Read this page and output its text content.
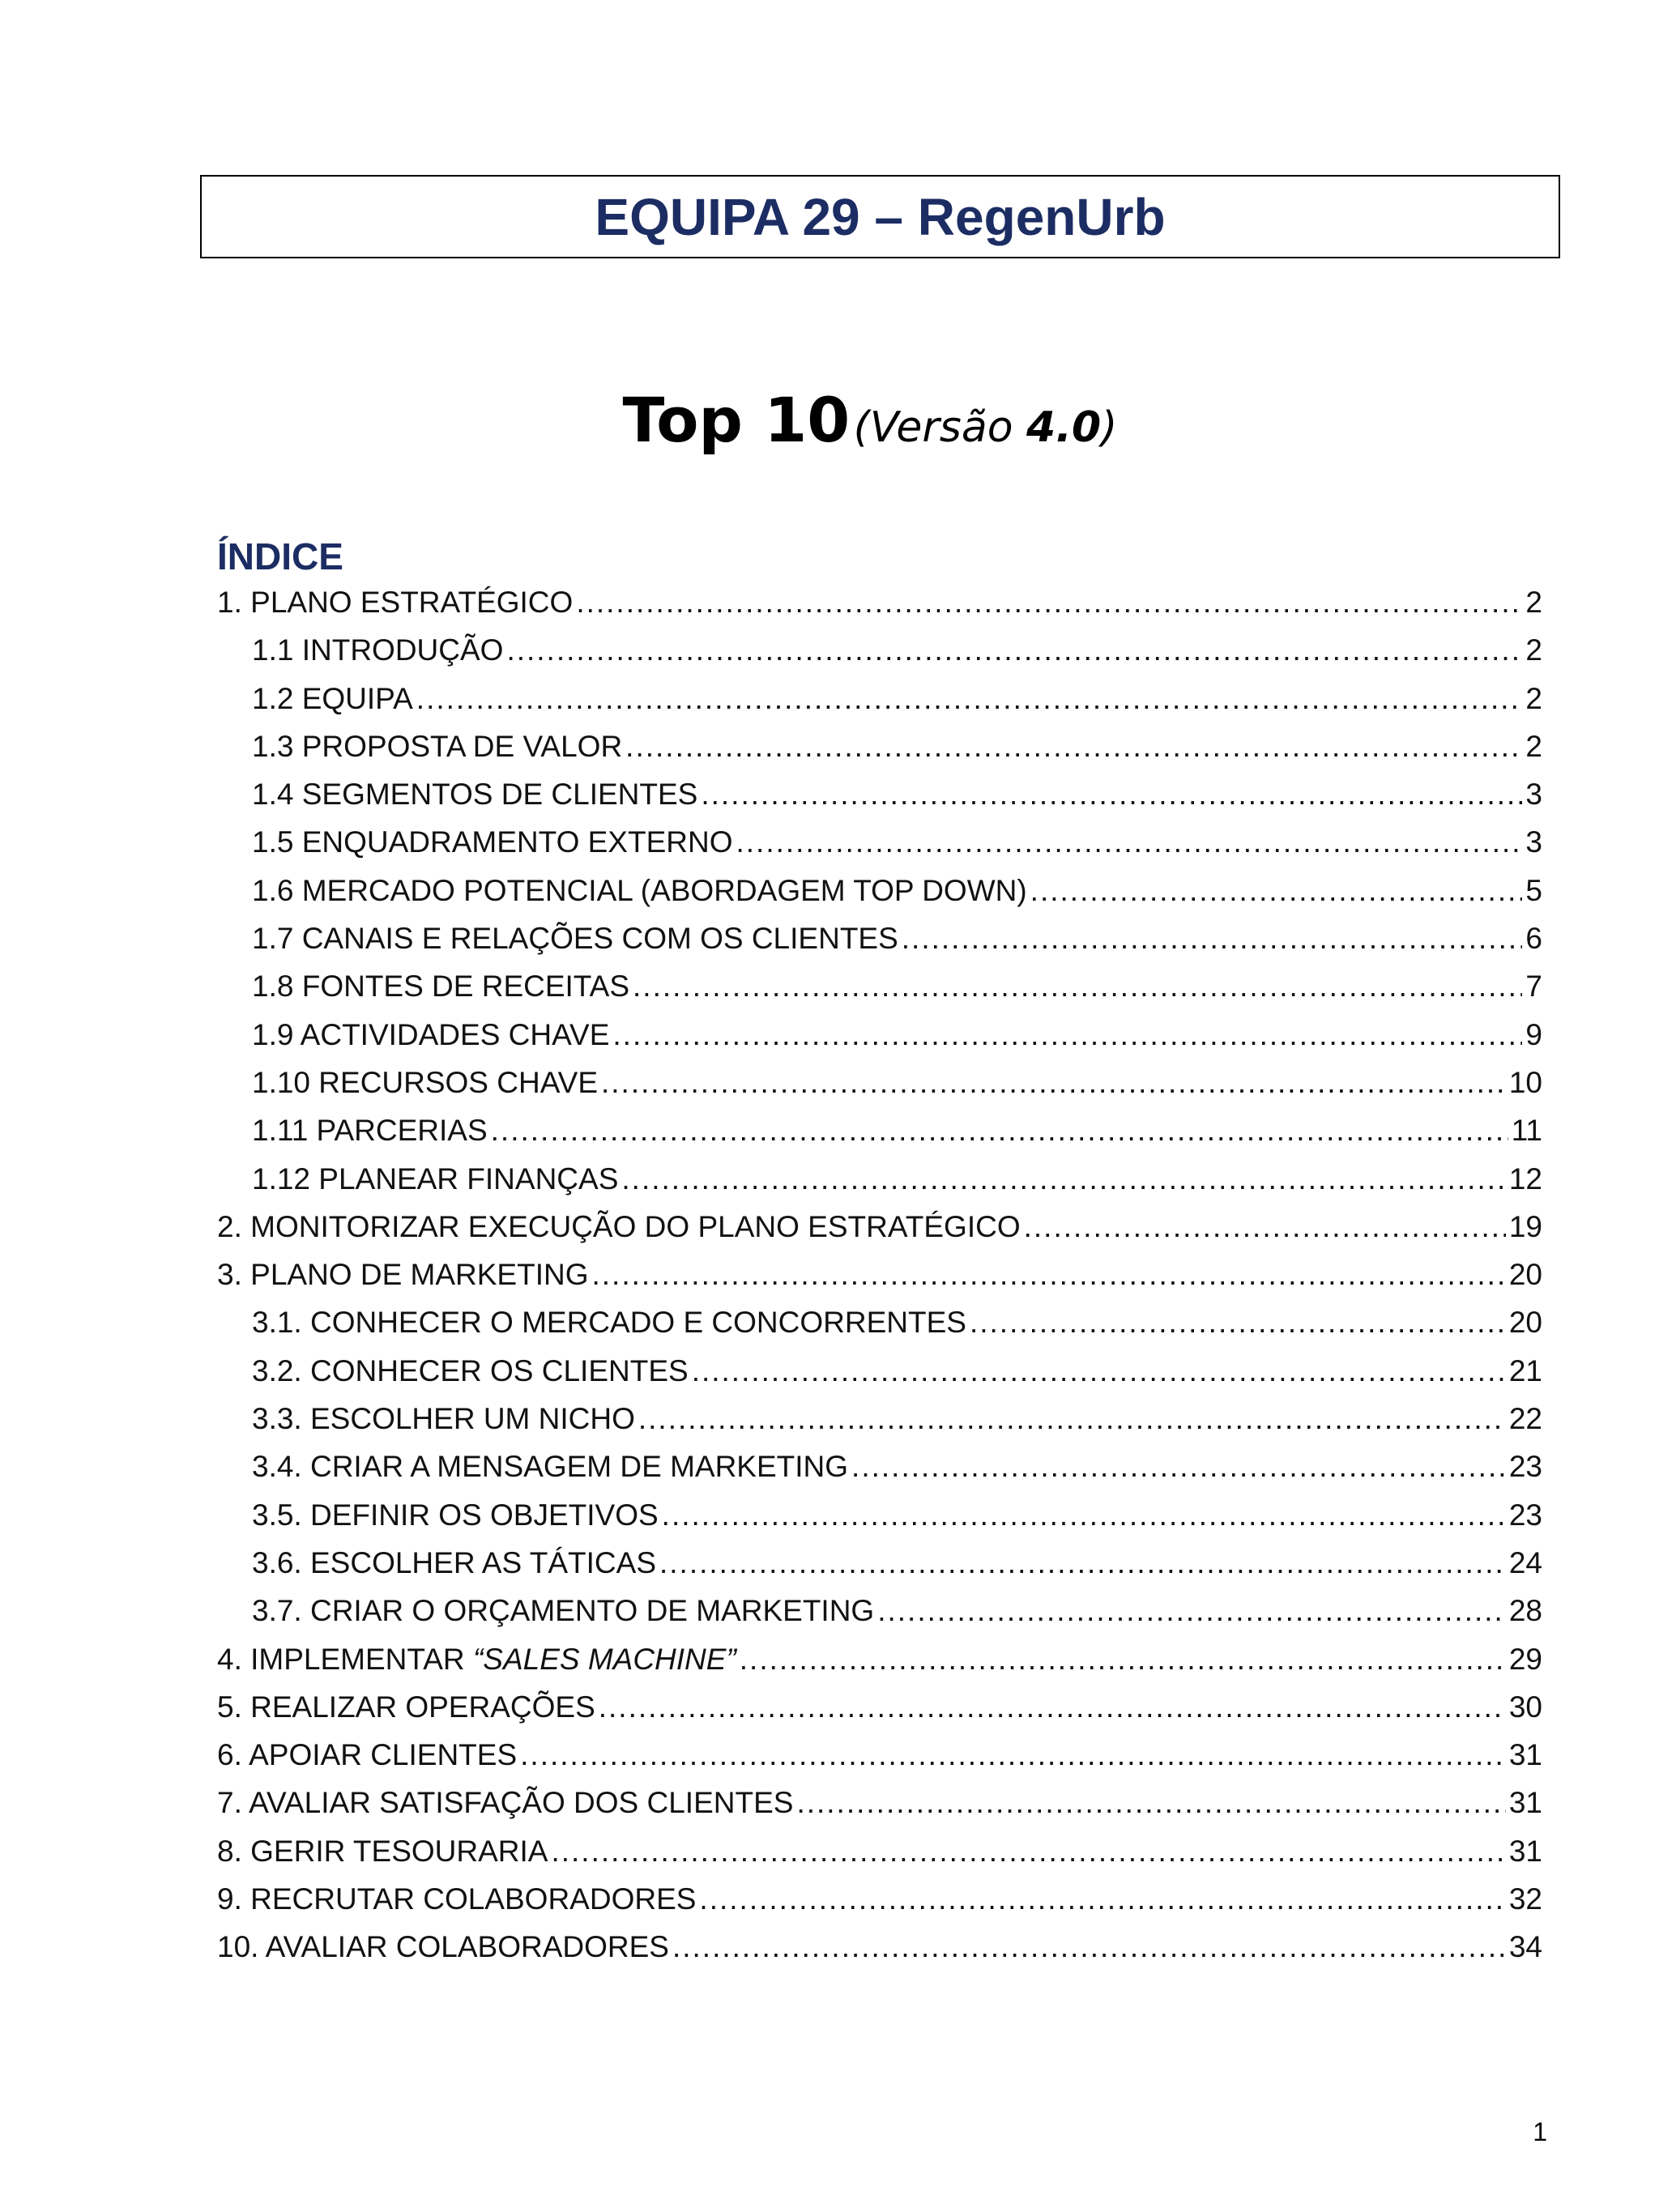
EQUIPA 29 – RegenUrb
Top 10 (Versão 4.0)
ÍNDICE
1. PLANO ESTRATÉGICO .....	2
1.1 INTRODUÇÃO .....	2
1.2 EQUIPA .....	2
1.3 PROPOSTA DE VALOR .....	2
1.4 SEGMENTOS DE CLIENTES .....	3
1.5 ENQUADRAMENTO EXTERNO .....	3
1.6 MERCADO POTENCIAL (ABORDAGEM TOP DOWN) .....	5
1.7 CANAIS E RELAÇÕES COM OS CLIENTES .....	6
1.8 FONTES DE RECEITAS .....	7
1.9 ACTIVIDADES CHAVE .....	9
1.10 RECURSOS CHAVE .....	10
1.11 PARCERIAS .....	11
1.12 PLANEAR FINANÇAS .....	12
2. MONITORIZAR EXECUÇÃO DO PLANO ESTRATÉGICO .....	19
3. PLANO DE MARKETING .....	20
3.1. CONHECER O MERCADO E CONCORRENTES .....	20
3.2. CONHECER OS CLIENTES .....	21
3.3. ESCOLHER UM NICHO .....	22
3.4. CRIAR A MENSAGEM DE MARKETING .....	23
3.5. DEFINIR OS OBJETIVOS .....	23
3.6. ESCOLHER AS TÁTICAS .....	24
3.7. CRIAR O ORÇAMENTO DE MARKETING .....	28
4. IMPLEMENTAR “SALES MACHINE” .....	29
5. REALIZAR OPERAÇÕES .....	30
6. APOIAR CLIENTES .....	31
7. AVALIAR SATISFAÇÃO DOS CLIENTES .....	31
8. GERIR TESOURARIA .....	31
9. RECRUTAR COLABORADORES .....	32
10. AVALIAR COLABORADORES .....	34
1
